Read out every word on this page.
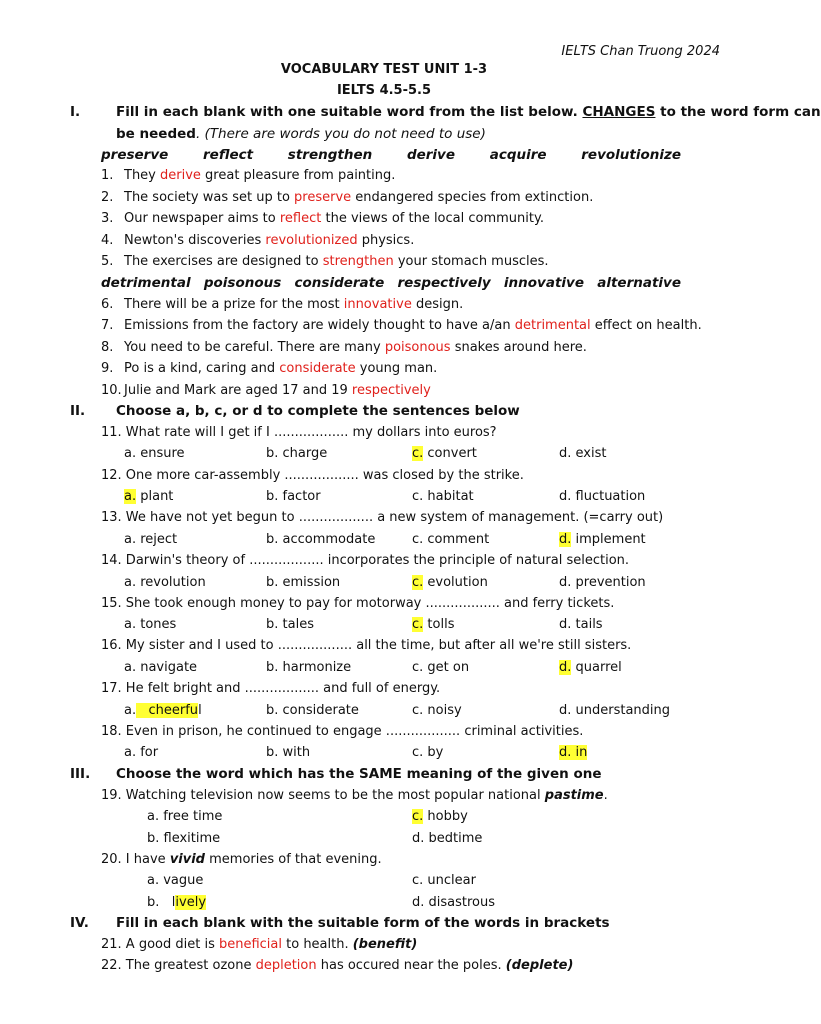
IELTS Chan Truong 2024
VOCABULARY TEST UNIT 1-3
IELTS 4.5-5.5
I.	Fill in each blank with one suitable word from the list below. CHANGES to the word form can
be needed. (There are words you do not need to use)
preserve	reflect	strengthen	derive	acquire	revolutionize
1. They derive great pleasure from painting.
2. The society was set up to preserve endangered species from extinction.
3. Our newspaper aims to reflect the views of the local community.
4. Newton's discoveries revolutionized physics.
5. The exercises are designed to strengthen your stomach muscles.
detrimental poisonous considerate respectively innovative alternative
6. There will be a prize for the most innovative design.
7. Emissions from the factory are widely thought to have a/an detrimental effect on health.
8. You need to be careful. There are many poisonous snakes around here.
9. Po is a kind, caring and considerate young man.
10. Julie and Mark are aged 17 and 19 respectively
II.	Choose a, b, c, or d to complete the sentences below
11. What rate will I get if I .................. my dollars into euros?
a. ensure	b. charge	c. convert	d. exist
12. One more car-assembly .................. was closed by the strike.
a. plant	b. factor	c. habitat	d. fluctuation
13. We have not yet begun to .................. a new system of management. (=carry out)
a. reject	b. accommodate	c. comment	d. implement
14. Darwin's theory of .................. incorporates the principle of natural selection.
a. revolution	b. emission	c. evolution	d. prevention
15. She took enough money to pay for motorway .................. and ferry tickets.
a. tones	b. tales	c. tolls	d. tails
16. My sister and I used to .................. all the time, but after all we're still sisters.
a. navigate	b. harmonize	c. get on	d. quarrel
17. He felt bright and .................. and full of energy.
a.   cheerful	b. considerate	c. noisy	d. understanding
18. Even in prison, he continued to engage .................. criminal activities.
a. for	b. with	c. by	d. in
III.	Choose the word which has the SAME meaning of the given one
19. Watching television now seems to be the most popular national pastime.
a. free time	c. hobby
b. flexitime	d. bedtime
20. I have vivid memories of that evening.
a. vague	c. unclear
b.   lively	d. disastrous
IV.	Fill in each blank with the suitable form of the words in brackets
21. A good diet is beneficial to health. (benefit)
22. The greatest ozone depletion has occured near the poles. (deplete)
